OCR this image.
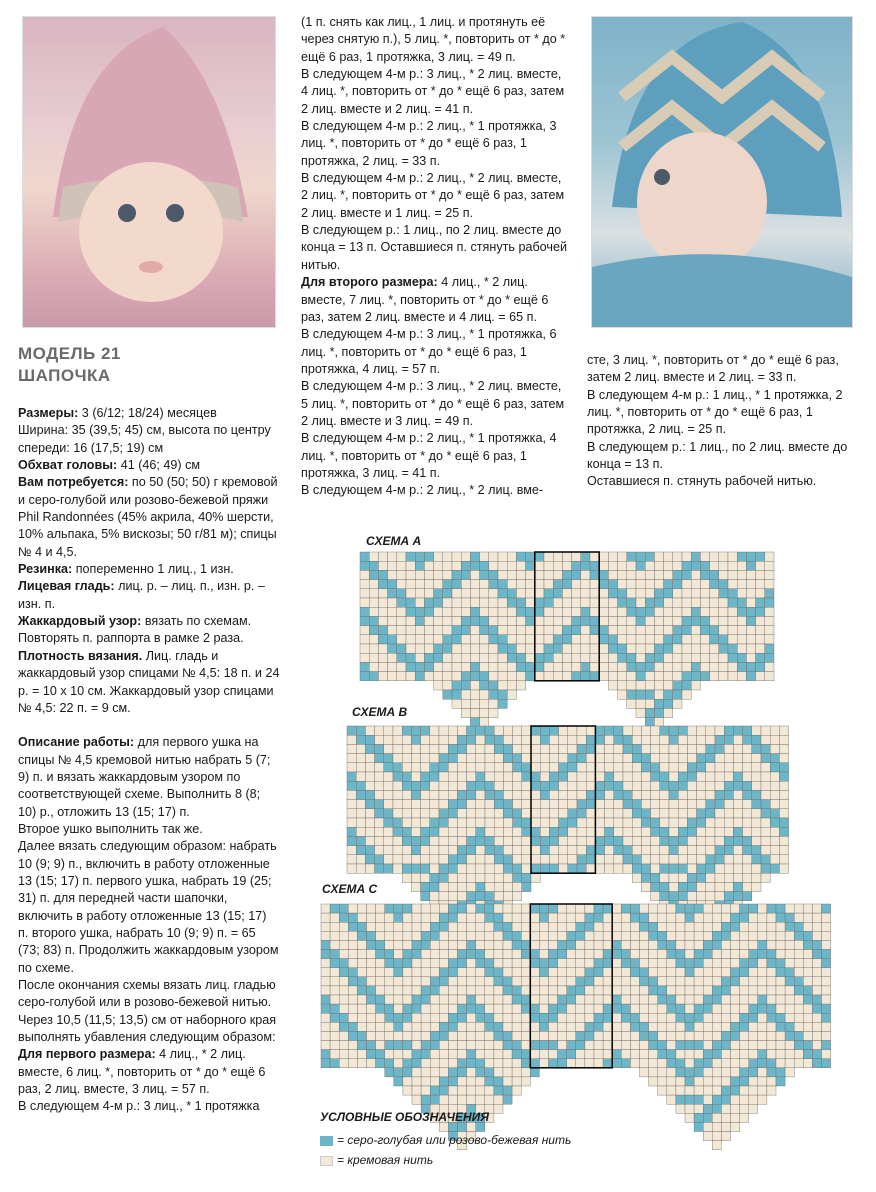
МОДЕЛЬ 21
ШАПОЧКА

Размеры: 3 (6/12; 18/24) месяцев

Ширина: 35 (39,5; 45) см, высота по центру спереди: 16 (17,5; 19) см

Обхват головы: 41 (46; 49) см

Вам потребуется: по 50 (50; 50) г кремовой и серо-голубой или розово-бежевой пряжи Phil Randonnées (45% акрила, 40% шерсти, 10% альпака, 5% вискозы; 50 г/81 м); спицы № 4 и 4,5.

Резинка: попеременно 1 лиц., 1 изн.

Лицевая гладь: лиц. р. – лиц. п., изн. р. – изн. п.

Жаккардовый узор: вязать по схемам. Повторять п. раппорта в рамке 2 раза.

Плотность вязания. Лиц. гладь и жаккардовый узор спицами № 4,5: 18 п. и 24 р. = 10 х 10 см. Жаккардовый узор спицами № 4,5: 22 п. = 9 см.

Описание работы: для первого ушка на спицы № 4,5 кремовой нитью набрать 5 (7; 9) п. и вязать жаккардовым узором по соответствующей схеме. Выполнить 8 (8; 10) р., отложить 13 (15; 17) п.

Второе ушко выполнить так же.

Далее вязать следующим образом: набрать 10 (9; 9) п., включить в работу отложенные 13 (15; 17) п. первого ушка, набрать 19 (25; 31) п. для передней части шапочки, включить в работу отложенные 13 (15; 17) п. второго ушка, набрать 10 (9; 9) п. = 65 (73; 83) п. Продолжить жаккардовым узором по схеме.

После окончания схемы вязать лиц. гладью серо-голубой или в розово-бежевой нитью.

Через 10,5 (11,5; 13,5) см от наборного края выполнять убавления следующим образом:

Для первого размера: 4 лиц., * 2 лиц. вместе, 6 лиц. *, повторить от * до * ещё 6 раз, 2 лиц. вместе, 3 лиц. = 57 п.

В следующем 4-м р.: 3 лиц., * 1 протяжка

(1 п. снять как лиц., 1 лиц. и протянуть её через снятую п.), 5 лиц. *, повторить от * до * ещё 6 раз, 1 протяжка, 3 лиц. = 49 п.

В следующем 4-м р.: 3 лиц., * 2 лиц. вместе, 4 лиц. *, повторить от * до * ещё 6 раз, затем 2 лиц. вместе и 2 лиц. = 41 п.

В следующем 4-м р.: 2 лиц., * 1 протяжка, 3 лиц. *, повторить от * до * ещё 6 раз, 1 протяжка, 2 лиц. = 33 п.

В следующем 4-м р.: 2 лиц., * 2 лиц. вместе, 2 лиц. *, повторить от * до * ещё 6 раз, затем 2 лиц. вместе и 1 лиц. = 25 п.

В следующем р.: 1 лиц., по 2 лиц. вместе до конца = 13 п. Оставшиеся п. стянуть рабочей нитью.

Для второго размера: 4 лиц., * 2 лиц. вместе, 7 лиц. *, повторить от * до * ещё 6 раз, затем 2 лиц. вместе и 4 лиц. = 65 п.

В следующем 4-м р.: 3 лиц., * 1 протяжка, 6 лиц. *, повторить от * до * ещё 6 раз, 1 протяжка, 4 лиц. = 57 п.

В следующем 4-м р.: 3 лиц., * 2 лиц. вместе, 5 лиц. *, повторить от * до * ещё 6 раз, затем 2 лиц. вместе и 3 лиц. = 49 п.

В следующем 4-м р.: 2 лиц., * 1 протяжка, 4 лиц. *, повторить от * до * ещё 6 раз, 1 протяжка, 3 лиц. = 41 п.

В следующем 4-м р.: 2 лиц., * 2 лиц. вме-

сте, 3 лиц. *, повторить от * до * ещё 6 раз, затем 2 лиц. вместе и 2 лиц. = 33 п.

В следующем 4-м р.: 1 лиц., * 1 протяжка, 2 лиц. *, повторить от * до * ещё 6 раз, 1 протяжка, 2 лиц. = 25 п.

В следующем р.: 1 лиц., по 2 лиц. вместе до конца = 13 п.

Оставшиеся п. стянуть рабочей нитью.

СХЕМА А
СХЕМА В
СХЕМА С
УСЛОВНЫЕ ОБОЗНАЧЕНИЯ
= серо-голубая или розово-бежевая нить
= кремовая нить
